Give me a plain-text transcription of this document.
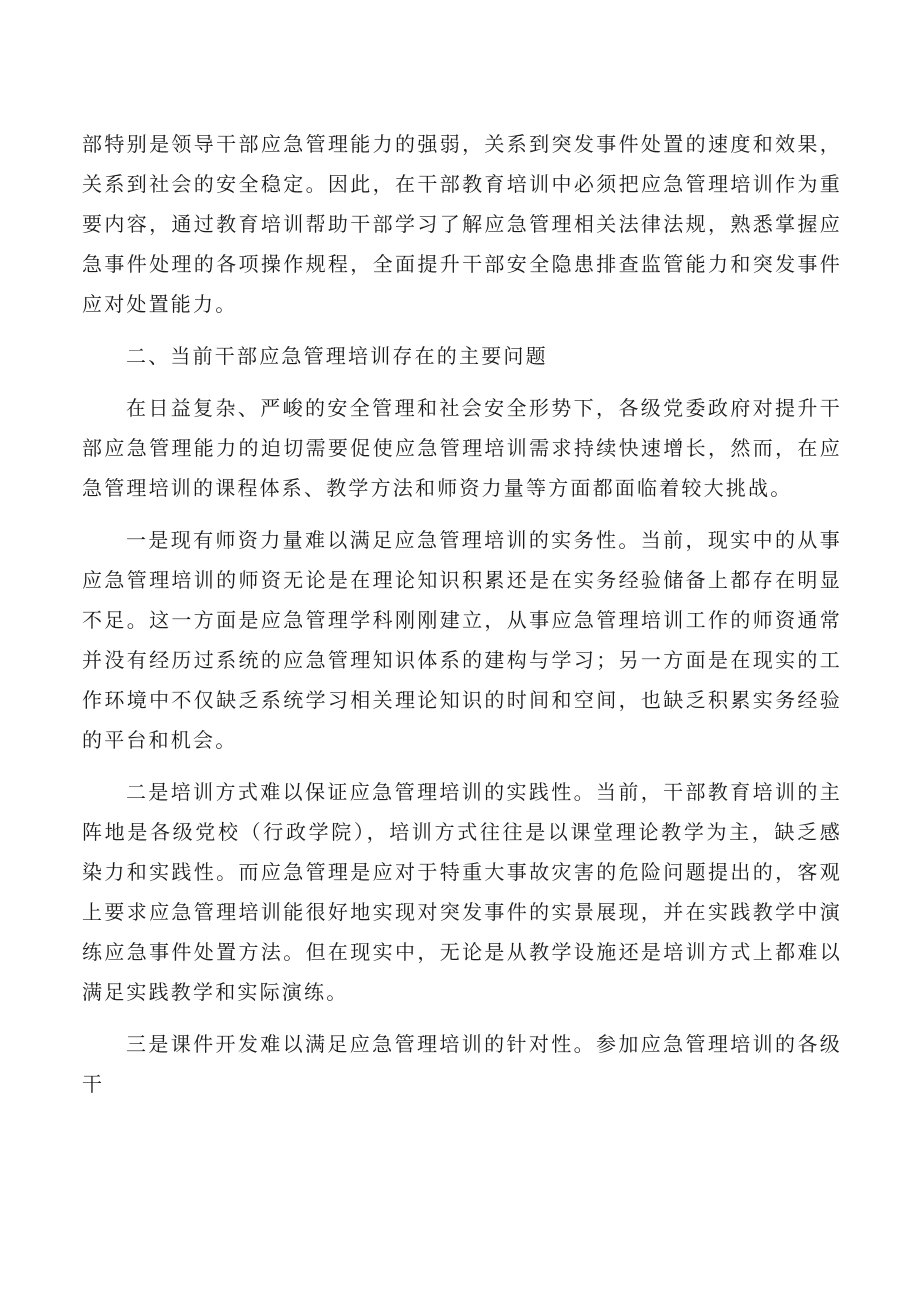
部特别是领导干部应急管理能力的强弱，关系到突发事件处置的速度和效果，关系到社会的安全稳定。因此，在干部教育培训中必须把应急管理培训作为重要内容，通过教育培训帮助干部学习了解应急管理相关法律法规，熟悉掌握应急事件处理的各项操作规程，全面提升干部安全隐患排查监管能力和突发事件应对处置能力。

二、当前干部应急管理培训存在的主要问题

在日益复杂、严峻的安全管理和社会安全形势下，各级党委政府对提升干部应急管理能力的迫切需要促使应急管理培训需求持续快速增长，然而，在应急管理培训的课程体系、教学方法和师资力量等方面都面临着较大挑战。

一是现有师资力量难以满足应急管理培训的实务性。当前，现实中的从事应急管理培训的师资无论是在理论知识积累还是在实务经验储备上都存在明显不足。这一方面是应急管理学科刚刚建立，从事应急管理培训工作的师资通常并没有经历过系统的应急管理知识体系的建构与学习；另一方面是在现实的工作环境中不仅缺乏系统学习相关理论知识的时间和空间，也缺乏积累实务经验的平台和机会。

二是培训方式难以保证应急管理培训的实践性。当前，干部教育培训的主阵地是各级党校（行政学院），培训方式往往是以课堂理论教学为主，缺乏感染力和实践性。而应急管理是应对于特重大事故灾害的危险问题提出的，客观上要求应急管理培训能很好地实现对突发事件的实景展现，并在实践教学中演练应急事件处置方法。但在现实中，无论是从教学设施还是培训方式上都难以满足实践教学和实际演练。

三是课件开发难以满足应急管理培训的针对性。参加应急管理培训的各级干
